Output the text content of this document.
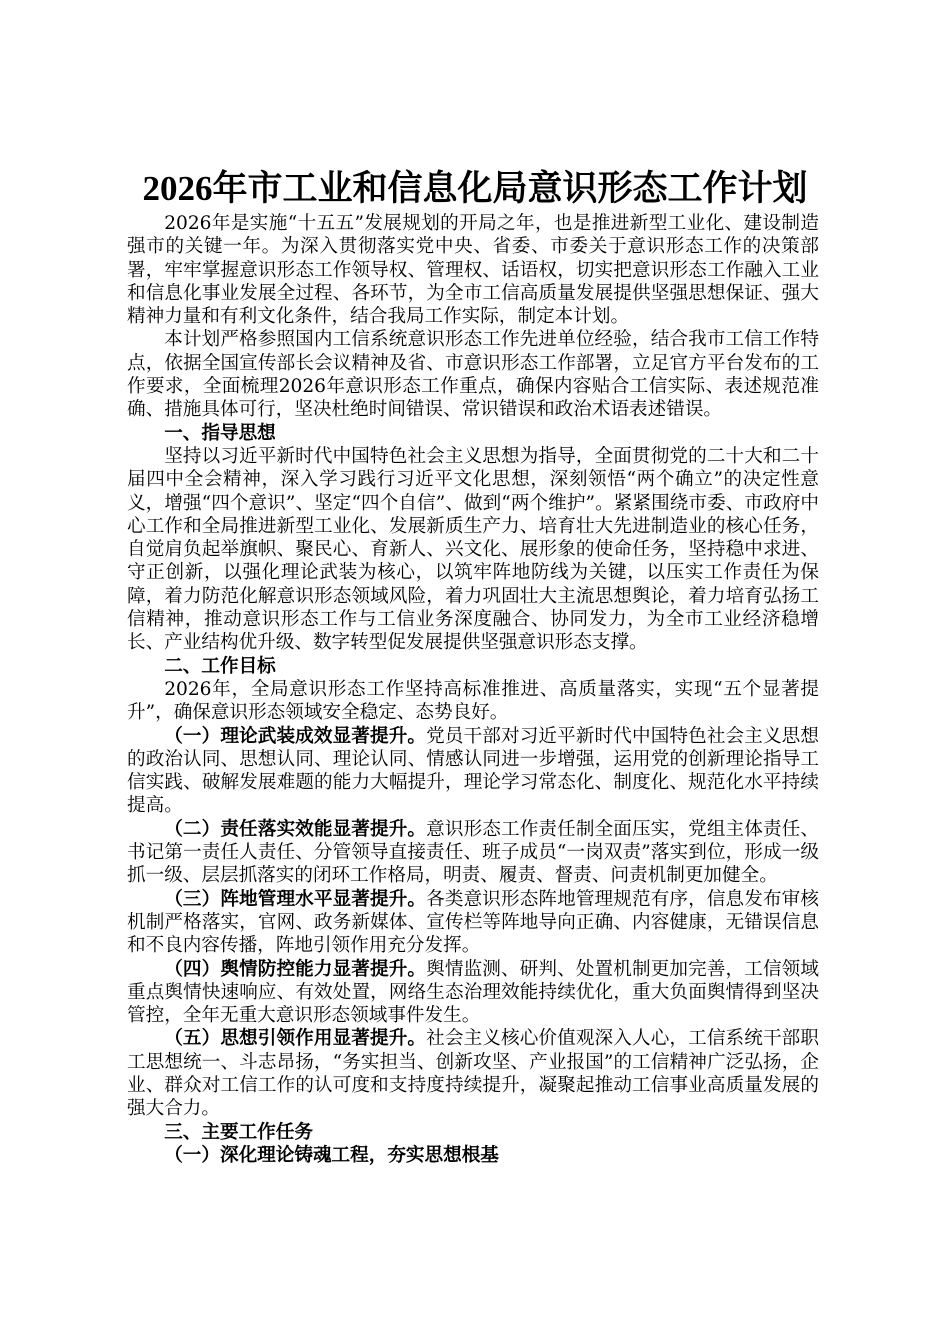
2026年市工业和信息化局意识形态工作计划

2026年是实施“十五五”发展规划的开局之年，也是推进新型工业化、建设制造强市的关键一年。为深入贯彻落实党中央、省委、市委关于意识形态工作的决策部署，牢牢掌握意识形态工作领导权、管理权、话语权，切实把意识形态工作融入工业和信息化事业发展全过程、各环节，为全市工信高质量发展提供坚强思想保证、强大精神力量和有利文化条件，结合我局工作实际，制定本计划。

本计划严格参照国内工信系统意识形态工作先进单位经验，结合我市工信工作特点，依据全国宣传部长会议精神及省、市意识形态工作部署，立足官方平台发布的工作要求，全面梳理2026年意识形态工作重点，确保内容贴合工信实际、表述规范准确、措施具体可行，坚决杜绝时间错误、常识错误和政治术语表述错误。

一、指导思想

坚持以习近平新时代中国特色社会主义思想为指导，全面贯彻党的二十大和二十届四中全会精神，深入学习践行习近平文化思想，深刻领悟“两个确立”的决定性意义，增强“四个意识”、坚定“四个自信”、做到“两个维护”。紧紧围绕市委、市政府中心工作和全局推进新型工业化、发展新质生产力、培育壮大先进制造业的核心任务，自觉肩负起举旗帜、聚民心、育新人、兴文化、展形象的使命任务，坚持稳中求进、守正创新，以强化理论武装为核心，以筑牢阵地防线为关键，以压实工作责任为保障，着力防范化解意识形态领域风险，着力巩固壮大主流思想舆论，着力培育弘扬工信精神，推动意识形态工作与工信业务深度融合、协同发力，为全市工业经济稳增长、产业结构优升级、数字转型促发展提供坚强意识形态支撑。

二、工作目标

2026年，全局意识形态工作坚持高标准推进、高质量落实，实现“五个显著提升”，确保意识形态领域安全稳定、态势良好。

（一）理论武装成效显著提升。党员干部对习近平新时代中国特色社会主义思想的政治认同、思想认同、理论认同、情感认同进一步增强，运用党的创新理论指导工信实践、破解发展难题的能力大幅提升，理论学习常态化、制度化、规范化水平持续提高。

（二）责任落实效能显著提升。意识形态工作责任制全面压实，党组主体责任、书记第一责任人责任、分管领导直接责任、班子成员“一岗双责”落实到位，形成一级抓一级、层层抓落实的闭环工作格局，明责、履责、督责、问责机制更加健全。

（三）阵地管理水平显著提升。各类意识形态阵地管理规范有序，信息发布审核机制严格落实，官网、政务新媒体、宣传栏等阵地导向正确、内容健康，无错误信息和不良内容传播，阵地引领作用充分发挥。

（四）舆情防控能力显著提升。舆情监测、研判、处置机制更加完善，工信领域重点舆情快速响应、有效处置，网络生态治理效能持续优化，重大负面舆情得到坚决管控，全年无重大意识形态领域事件发生。

（五）思想引领作用显著提升。社会主义核心价值观深入人心，工信系统干部职工思想统一、斗志昂扬，“务实担当、创新攻坚、产业报国”的工信精神广泛弘扬，企业、群众对工信工作的认可度和支持度持续提升，凝聚起推动工信事业高质量发展的强大合力。

三、主要工作任务

（一）深化理论铸魂工程，夯实思想根基
